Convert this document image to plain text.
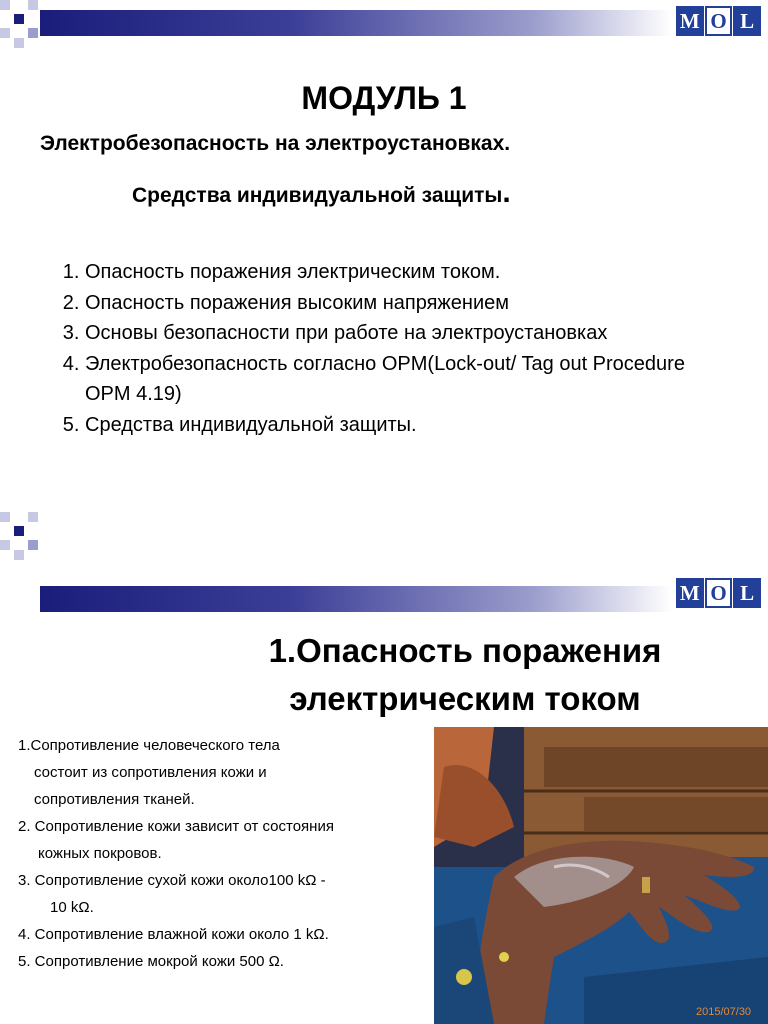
M O L
МОДУЛЬ 1
Электробезопасность на электроустановках.
Средства индивидуальной защиты.
1. Опасность поражения электрическим током.
2. Опасность поражения высоким напряжением
3. Основы безопасности при работе на электроустановках
4. Электробезопасность согласно OPM(Lock-out/ Tag out Procedure OPM 4.19)
5. Средства индивидуальной защиты.
M O L
1.Опасность поражения
электрическим током
1.Сопротивление человеческого тела
состоит из сопротивления кожи и
сопротивления тканей.
2. Сопротивление кожи зависит от состояния
кожных покровов.
3. Сопротивление сухой кожи около100 kΩ -
10 kΩ.
4. Сопротивление влажной кожи около 1 kΩ.
5. Сопротивление мокрой кожи 500 Ω.
2015/07/30
